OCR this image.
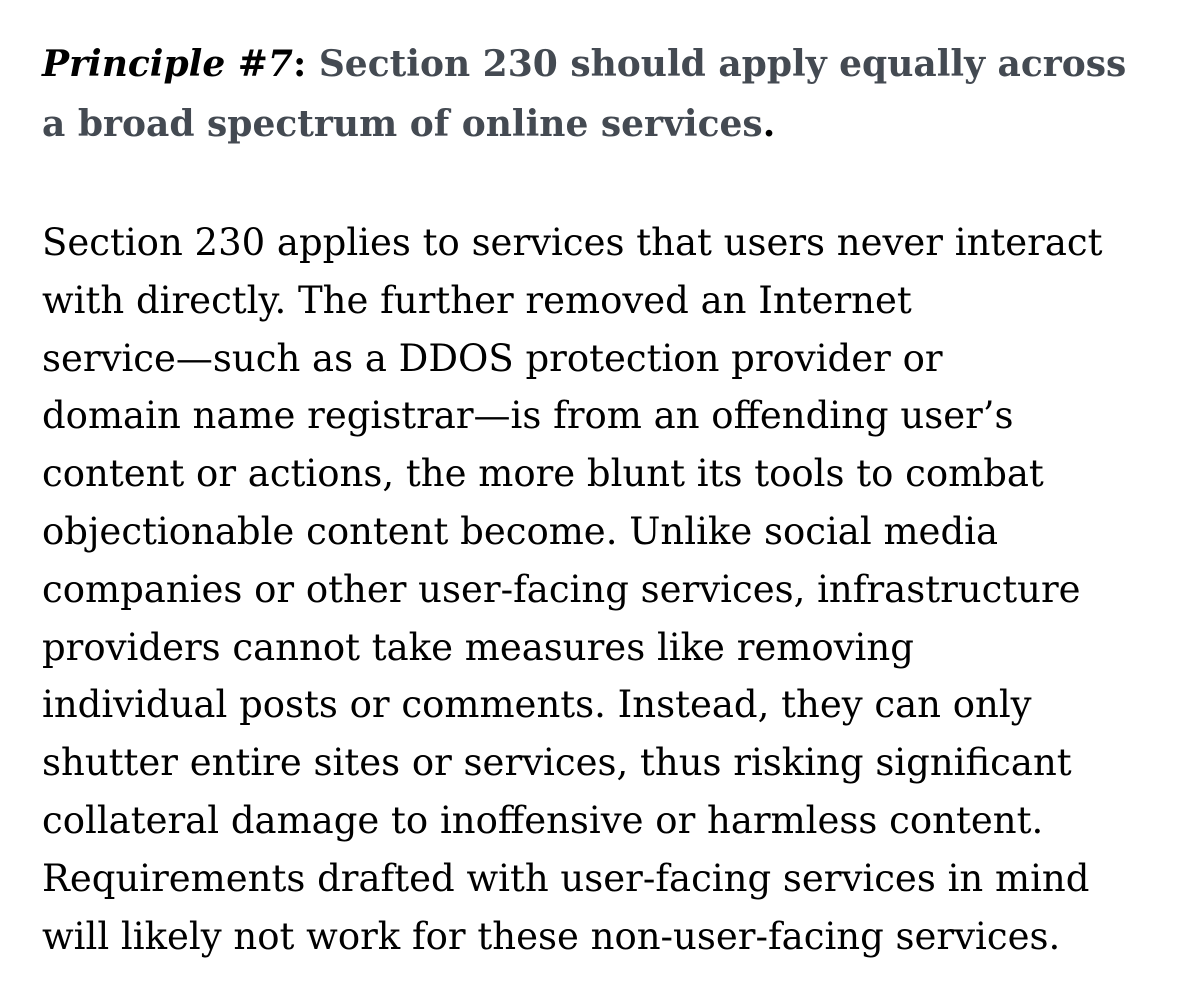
Principle #7: Section 230 should apply equally across
a broad spectrum of online services.

Section 230 applies to services that users never interact
with directly. The further removed an Internet
service—such as a DDOS protection provider or
domain name registrar—is from an offending user’s
content or actions, the more blunt its tools to combat
objectionable content become. Unlike social media
companies or other user-facing services, infrastructure
providers cannot take measures like removing
individual posts or comments. Instead, they can only
shutter entire sites or services, thus risking significant
collateral damage to inoffensive or harmless content.
Requirements drafted with user-facing services in mind
will likely not work for these non-user-facing services.
